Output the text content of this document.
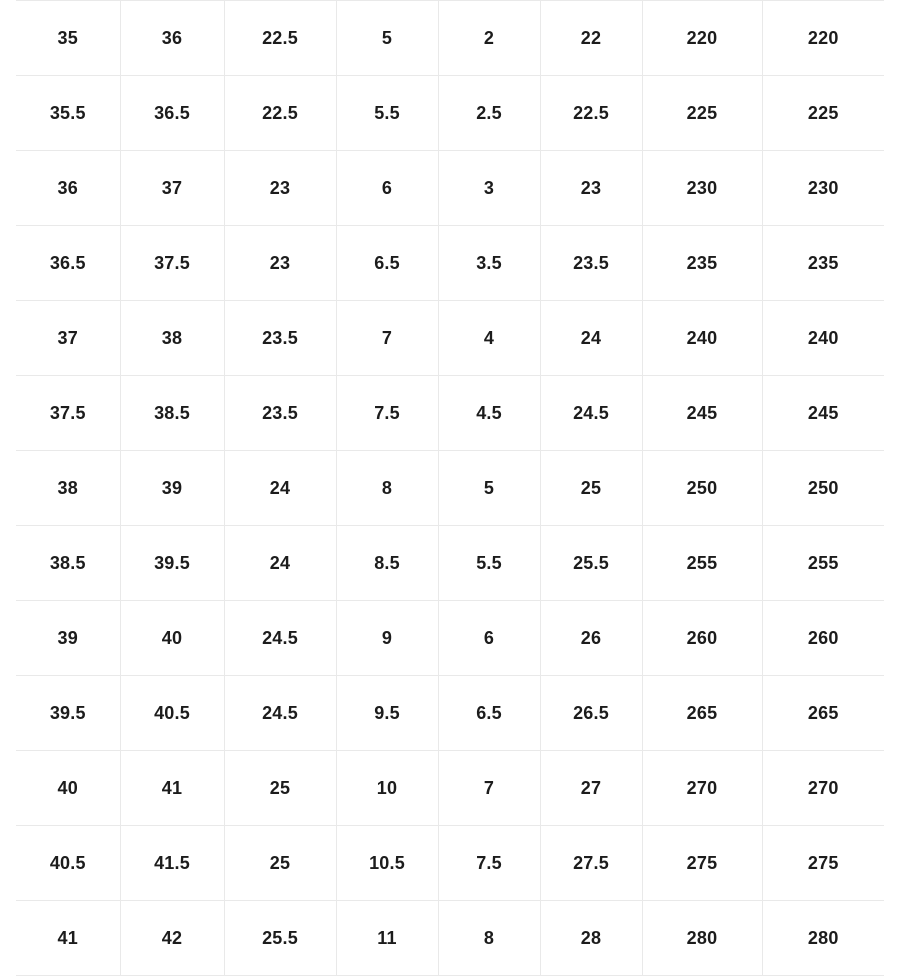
35	36	22.5	5	2	22	220	220
35.5	36.5	22.5	5.5	2.5	22.5	225	225
36	37	23	6	3	23	230	230
36.5	37.5	23	6.5	3.5	23.5	235	235
37	38	23.5	7	4	24	240	240
37.5	38.5	23.5	7.5	4.5	24.5	245	245
38	39	24	8	5	25	250	250
38.5	39.5	24	8.5	5.5	25.5	255	255
39	40	24.5	9	6	26	260	260
39.5	40.5	24.5	9.5	6.5	26.5	265	265
40	41	25	10	7	27	270	270
40.5	41.5	25	10.5	7.5	27.5	275	275
41	42	25.5	11	8	28	280	280
